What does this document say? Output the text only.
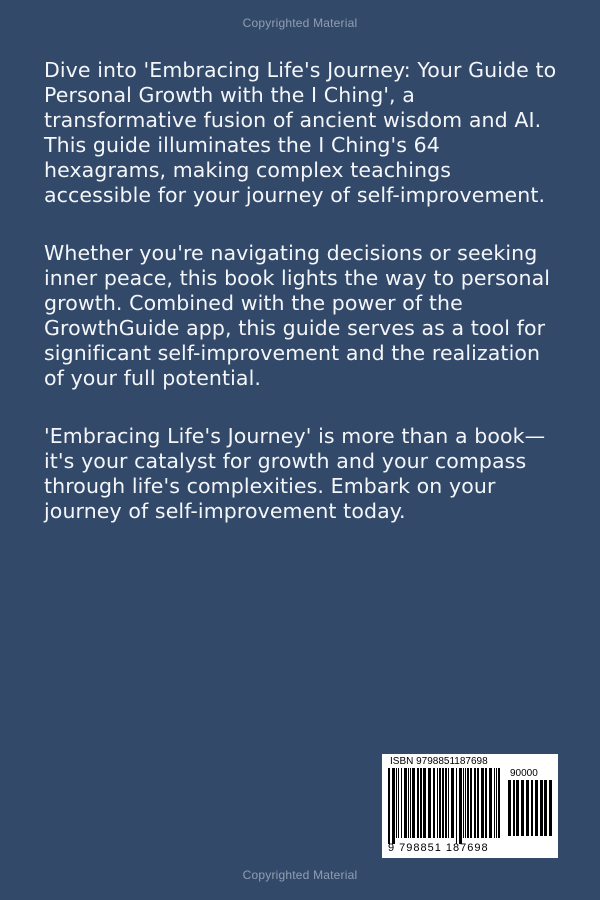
Copyrighted Material

Dive into 'Embracing Life's Journey: Your Guide to Personal Growth with the I Ching', a transformative fusion of ancient wisdom and AI. This guide illuminates the I Ching's 64 hexagrams, making complex teachings accessible for your journey of self-improvement.

Whether you're navigating decisions or seeking inner peace, this book lights the way to personal growth. Combined with the power of the GrowthGuide app, this guide serves as a tool for significant self-improvement and the realization of your full potential.

'Embracing Life's Journey' is more than a book—it's your catalyst for growth and your compass through life's complexities. Embark on your journey of self-improvement today.

ISBN 9798851187698
90000
9 798851 187698
Copyrighted Material
